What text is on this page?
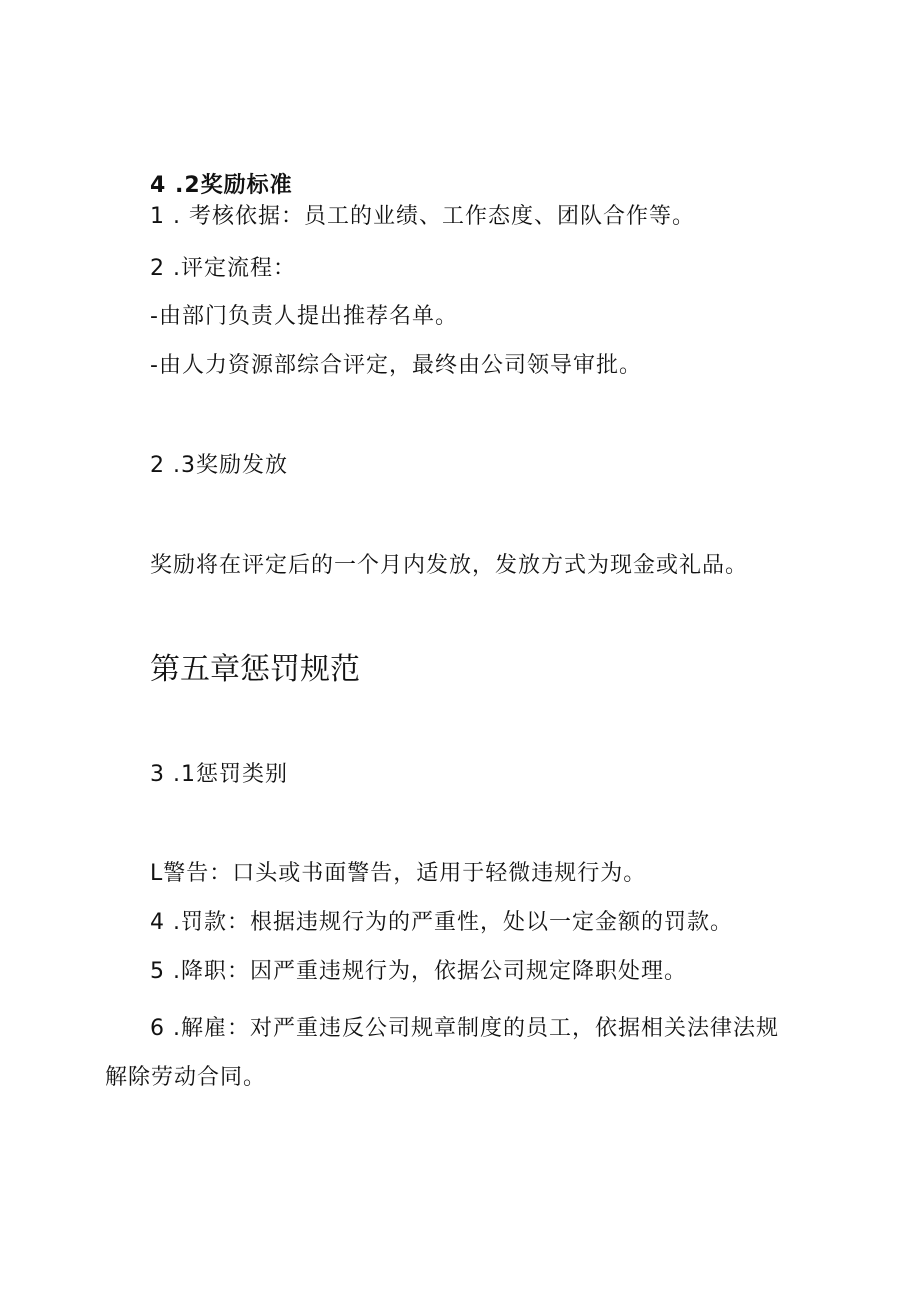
4 .2奖励标准
1 . 考核依据：员工的业绩、工作态度、团队合作等。
2 .评定流程：
-由部门负责人提出推荐名单。
-由人力资源部综合评定，最终由公司领导审批。
2 .3奖励发放
奖励将在评定后的一个月内发放，发放方式为现金或礼品。
第五章惩罚规范
3 .1惩罚类别
L警告：口头或书面警告，适用于轻微违规行为。
4 .罚款：根据违规行为的严重性，处以一定金额的罚款。
5 .降职：因严重违规行为，依据公司规定降职处理。
6 .解雇：对严重违反公司规章制度的员工，依据相关法律法规
解除劳动合同。
